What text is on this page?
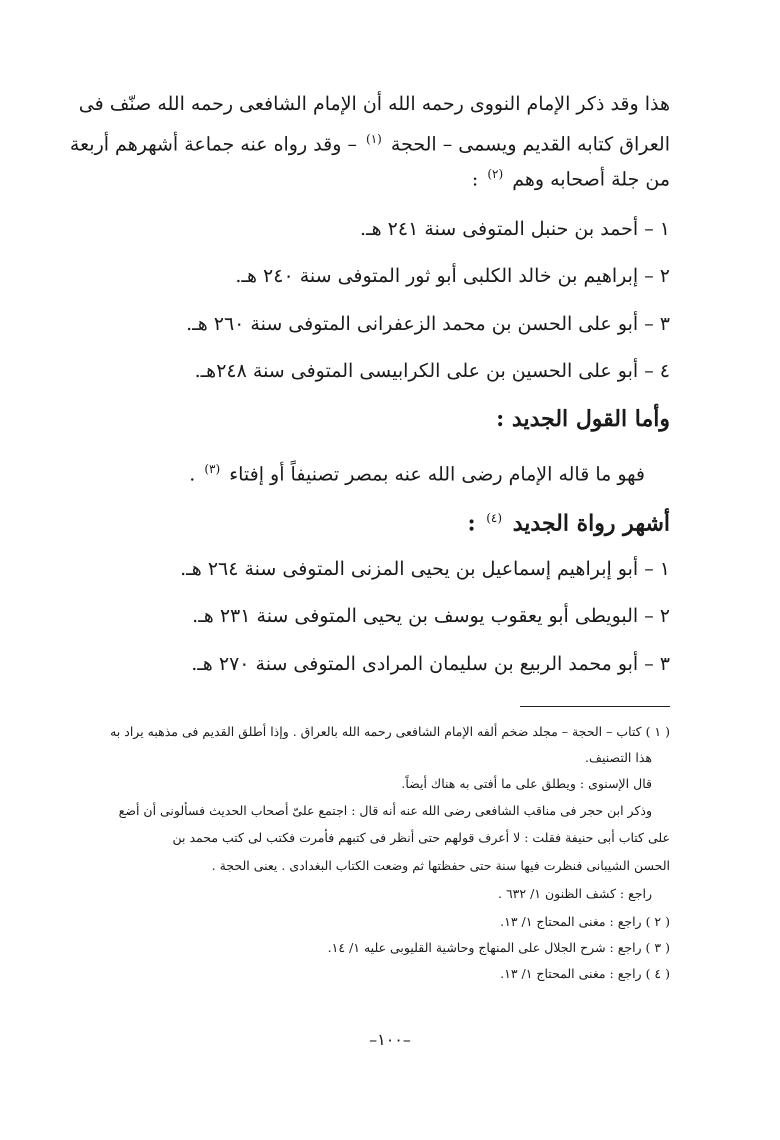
هذا وقد ذكر الإمام النووى رحمه الله أن الإمام الشافعى رحمه الله صنّف فى
العراق كتابه القديم ويسمى – الحجة $^{(١)}$ – وقد رواه عنه جماعة أشهرهم أربعة
من جلة أصحابه وهم $^{(٢)}$ :
١ – أحمد بن حنبل المتوفى سنة ٢٤١ هـ.
٢ – إبراهيم بن خالد الكلبى أبو ثور المتوفى سنة ٢٤٠ هـ.
٣ – أبو على الحسن بن محمد الزعفرانى المتوفى سنة ٢٦٠ هـ.
٤ – أبو على الحسين بن على الكرابيسى المتوفى سنة ٢٤٨هـ.
وأما القول الجديد :
فهو ما قاله الإمام رضى الله عنه بمصر تصنيفاً أو إفتاء $^{(٣)}$ .
أشهر رواة الجديد $^{(٤)}$ :
١ – أبو إبراهيم إسماعيل بن يحيى المزنى المتوفى سنة ٢٦٤ هـ.
٢ – البويطى أبو يعقوب يوسف بن يحيى المتوفى سنة ٢٣١ هـ.
٣ – أبو محمد الربيع بن سليمان المرادى المتوفى سنة ٢٧٠ هـ.
( ١ ) كتاب – الحجة – مجلد ضخم ألفه الإمام الشافعى رحمه الله بالعراق . وإذا أطلق القديم فى مذهبه يراد به
هذا التصنيف.
قال الإسنوى : ويطلق على ما أفتى به هناك أيضاً.
وذكر ابن حجر فى مناقب الشافعى رضى الله عنه أنه قال : اجتمع علىّ أصحاب الحديث فسألونى أن أضع
على كتاب أبى حنيفة فقلت : لا أعرف قولهم حتى أنظر فى كتبهم فأمرت فكتب لى كتب محمد بن
الحسن الشيبانى فنظرت فيها سنة حتى حفظتها ثم وضعت الكتاب البغدادى . يعنى الحجة .
راجع : كشف الظنون ١/ ٦٣٢ .
( ٢ ) راجع : مغنى المحتاج ١/ ١٣.
( ٣ ) راجع : شرح الجلال على المنهاج وحاشية القليوبى عليه ١/ ١٤.
( ٤ ) راجع : مغنى المحتاج ١/ ١٣.
–١٠٠–
